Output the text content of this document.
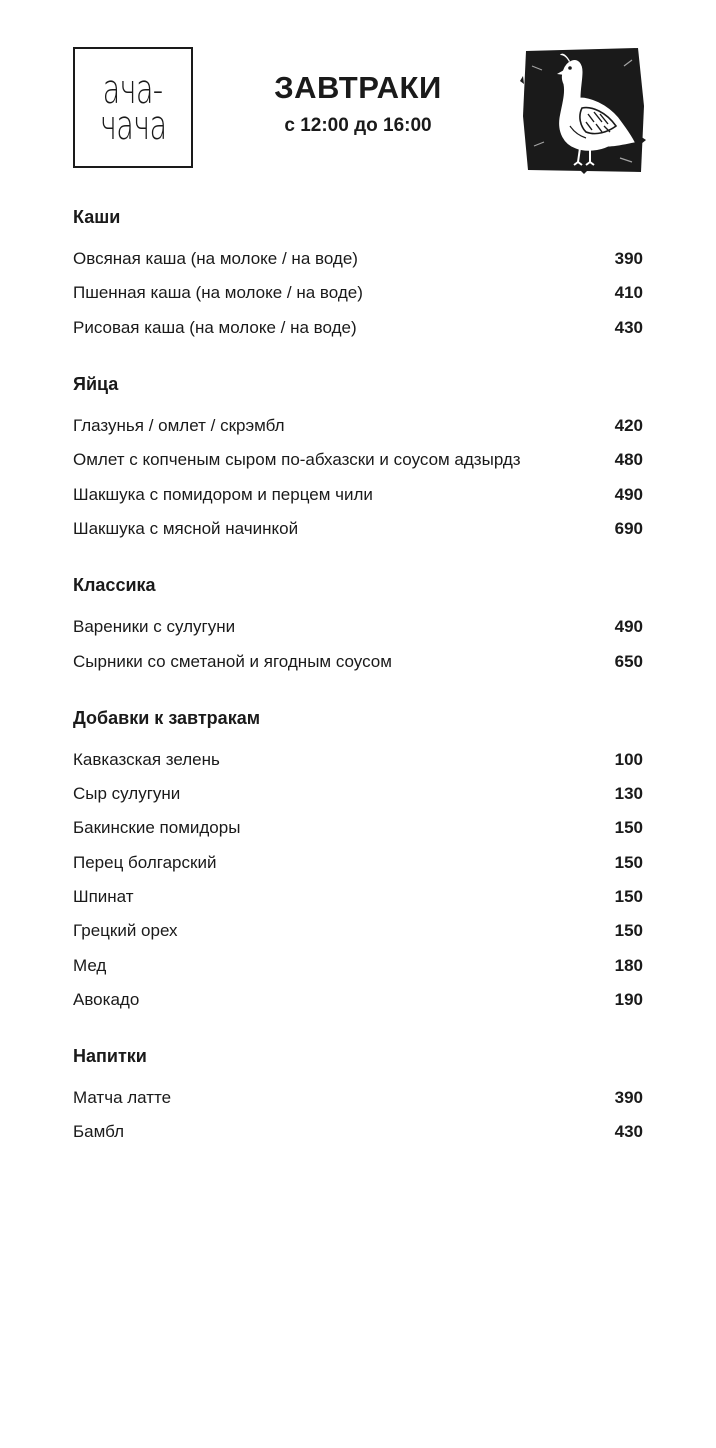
ача-
чача
ЗАВТРАКИ
с 12:00 до 16:00
Каши
Овсяная каша (на молоке / на воде)	390
Пшенная каша (на молоке / на воде)	410
Рисовая каша (на молоке / на воде)	430
Яйца
Глазунья / омлет / скрэмбл	420
Омлет с копченым сыром по-абхазски и соусом адзырдз	480
Шакшука с помидором и перцем чили	490
Шакшука с мясной начинкой	690
Классика
Вареники с сулугуни	490
Сырники со сметаной и ягодным соусом	650
Добавки к завтракам
Кавказская зелень	100
Сыр сулугуни	130
Бакинские помидоры	150
Перец болгарский	150
Шпинат	150
Грецкий орех	150
Мед	180
Авокадо	190
Напитки
Матча латте	390
Бамбл	430
